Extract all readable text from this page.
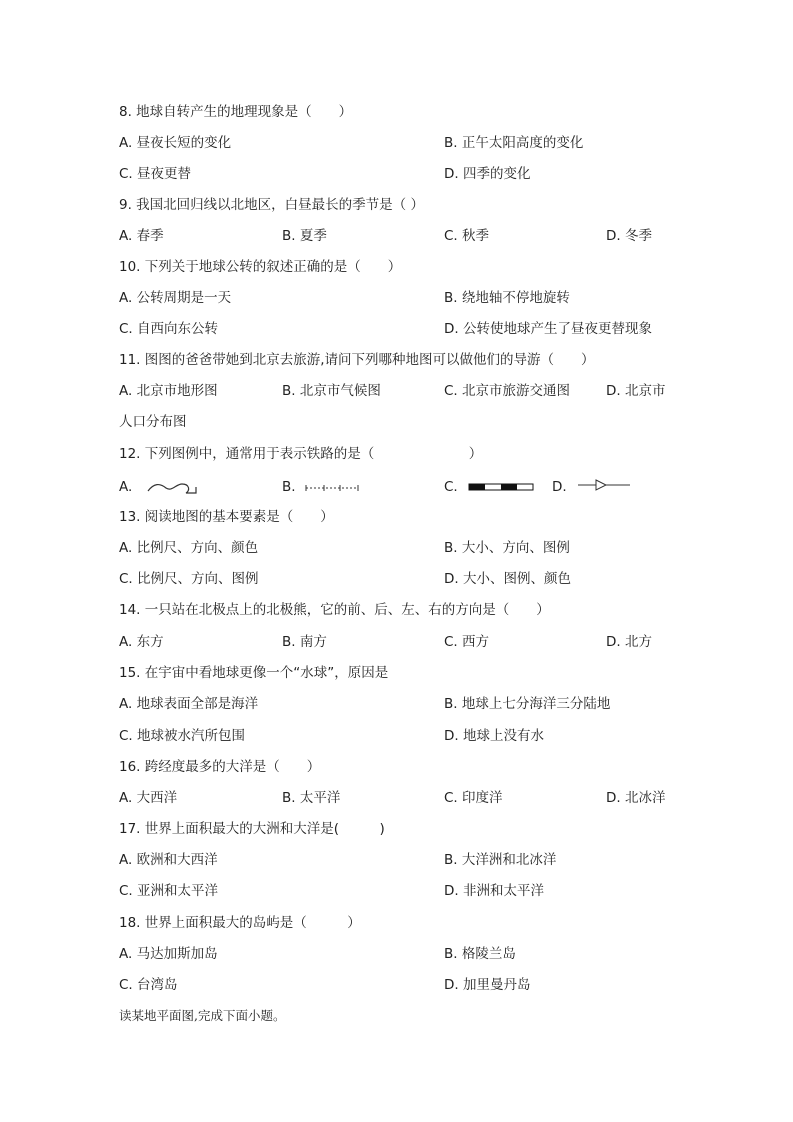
8. 地球自转产生的地理现象是（　　）
A. 昼夜长短的变化	B. 正午太阳高度的变化
C. 昼夜更替	D. 四季的变化
9. 我国北回归线以北地区，白昼最长的季节是（ ）
A. 春季	B. 夏季	C. 秋季	D. 冬季
10. 下列关于地球公转的叙述正确的是（　　）
A. 公转周期是一天	B. 绕地轴不停地旋转
C. 自西向东公转	D. 公转使地球产生了昼夜更替现象
11. 图图的爸爸带她到北京去旅游,请问下列哪种地图可以做他们的导游（　　）
A. 北京市地形图	B. 北京市气候图	C. 北京市旅游交通图	D. 北京市
人口分布图
12. 下列图例中，通常用于表示铁路的是（　　　　　　　）
A.	B.	C.	D.
13. 阅读地图的基本要素是（　　）
A. 比例尺、方向、颜色	B. 大小、方向、图例
C. 比例尺、方向、图例	D. 大小、图例、颜色
14. 一只站在北极点上的北极熊，它的前、后、左、右的方向是（　　）
A. 东方	B. 南方	C. 西方	D. 北方
15. 在宇宙中看地球更像一个“水球”，原因是
A. 地球表面全部是海洋	B. 地球上七分海洋三分陆地
C. 地球被水汽所包围	D. 地球上没有水
16. 跨经度最多的大洋是（　　）
A. 大西洋	B. 太平洋	C. 印度洋	D. 北冰洋
17. 世界上面积最大的大洲和大洋是(　　　)
A. 欧洲和大西洋	B. 大洋洲和北冰洋
C. 亚洲和太平洋	D. 非洲和太平洋
18. 世界上面积最大的岛屿是（　　　）
A. 马达加斯加岛	B. 格陵兰岛
C. 台湾岛	D. 加里曼丹岛
读某地平面图,完成下面小题。
